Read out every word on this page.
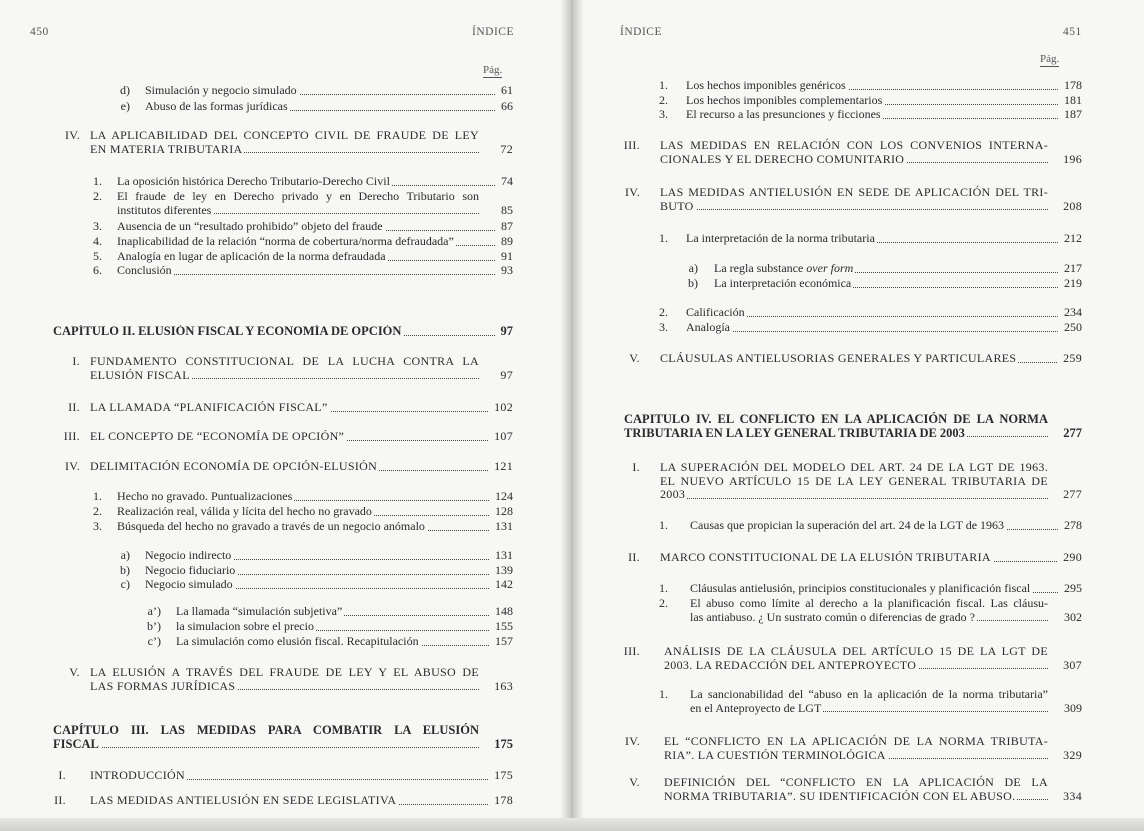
450	ÍNDICE	ÍNDICE	451
Pág.
Pág.
d) Simulación y negocio simulado	61
e) Abuso de las formas jurídicas	66
IV. LA APLICABILIDAD DEL CONCEPTO CIVIL DE FRAUDE DE LEY
EN MATERIA TRIBUTARIA	72
1. La oposición histórica Derecho Tributario-Derecho Civil	74
2. El fraude de ley en Derecho privado y en Derecho Tributario son
institutos diferentes	85
3. Ausencia de un “resultado prohibido” objeto del fraude	87
4. Inaplicabilidad de la relación “norma de cobertura/norma defraudada”	89
5. Analogía en lugar de aplicación de la norma defraudada	91
6. Conclusión	93
CAPÍTULO II. ELUSIÓN FISCAL Y ECONOMÍA DE OPCIÓN	97
I. FUNDAMENTO CONSTITUCIONAL DE LA LUCHA CONTRA LA
ELUSIÓN FISCAL	97
II. LA LLAMADA “PLANIFICACIÓN FISCAL”	102
III. EL CONCEPTO DE “ECONOMÍA DE OPCIÓN”	107
IV. DELIMITACIÓN ECONOMÍA DE OPCIÓN-ELUSIÓN	121
1. Hecho no gravado. Puntualizaciones	124
2. Realización real, válida y lícita del hecho no gravado	128
3. Búsqueda del hecho no gravado a través de un negocio anómalo	131
a) Negocio indirecto	131
b) Negocio fiduciario	139
c) Negocio simulado	142
a’) La llamada “simulación subjetiva”	148
b’) la simulacion sobre el precio	155
c’) La simulación como elusión fiscal. Recapitulación	157
V. LA ELUSIÓN A TRAVÉS DEL FRAUDE DE LEY Y EL ABUSO DE
LAS FORMAS JURÍDICAS	163
CAPÍTULO III. LAS MEDIDAS PARA COMBATIR LA ELUSIÓN
FISCAL	175
I. INTRODUCCIÓN	175
II. LAS MEDIDAS ANTIELUSIÓN EN SEDE LEGISLATIVA	178
1. Los hechos imponibles genéricos	178
2. Los hechos imponibles complementarios	181
3. El recurso a las presunciones y ficciones	187
III. LAS MEDIDAS EN RELACIÓN CON LOS CONVENIOS INTERNA-
CIONALES Y EL DERECHO COMUNITARIO	196
IV. LAS MEDIDAS ANTIELUSIÓN EN SEDE DE APLICACIÓN DEL TRI-
BUTO	208
1. La interpretación de la norma tributaria	212
a) La regla substance over form	217
b) La interpretación económica	219
2. Calificación	234
3. Analogía	250
V. CLÁUSULAS ANTIELUSORIAS GENERALES Y PARTICULARES	259
CAPITULO IV. EL CONFLICTO EN LA APLICACIÓN DE LA NORMA
TRIBUTARIA EN LA LEY GENERAL TRIBUTARIA DE 2003	277
I. LA SUPERACIÓN DEL MODELO DEL ART. 24 DE LA LGT DE 1963.
EL NUEVO ARTÍCULO 15 DE LA LEY GENERAL TRIBUTARIA DE
2003	277
1. Causas que propician la superación del art. 24 de la LGT de 1963	278
II. MARCO CONSTITUCIONAL DE LA ELUSIÓN TRIBUTARIA	290
1. Cláusulas antielusión, principios constitucionales y planificación fiscal	295
2. El abuso como límite al derecho a la planificación fiscal. Las cláusu-
las antiabuso. ¿ Un sustrato común o diferencias de grado ?	302
III. ANÁLISIS DE LA CLÁUSULA DEL ARTÍCULO 15 DE LA LGT DE
2003. LA REDACCIÓN DEL ANTEPROYECTO	307
1. La sancionabilidad del “abuso en la aplicación de la norma tributaria”
en el Anteproyecto de LGT	309
IV. EL “CONFLICTO EN LA APLICACIÓN DE LA NORMA TRIBUTA-
RIA”. LA CUESTIÓN TERMINOLÓGICA	329
V. DEFINICIÓN DEL “CONFLICTO EN LA APLICACIÓN DE LA
NORMA TRIBUTARIA”. SU IDENTIFICACIÓN CON EL ABUSO.	334
